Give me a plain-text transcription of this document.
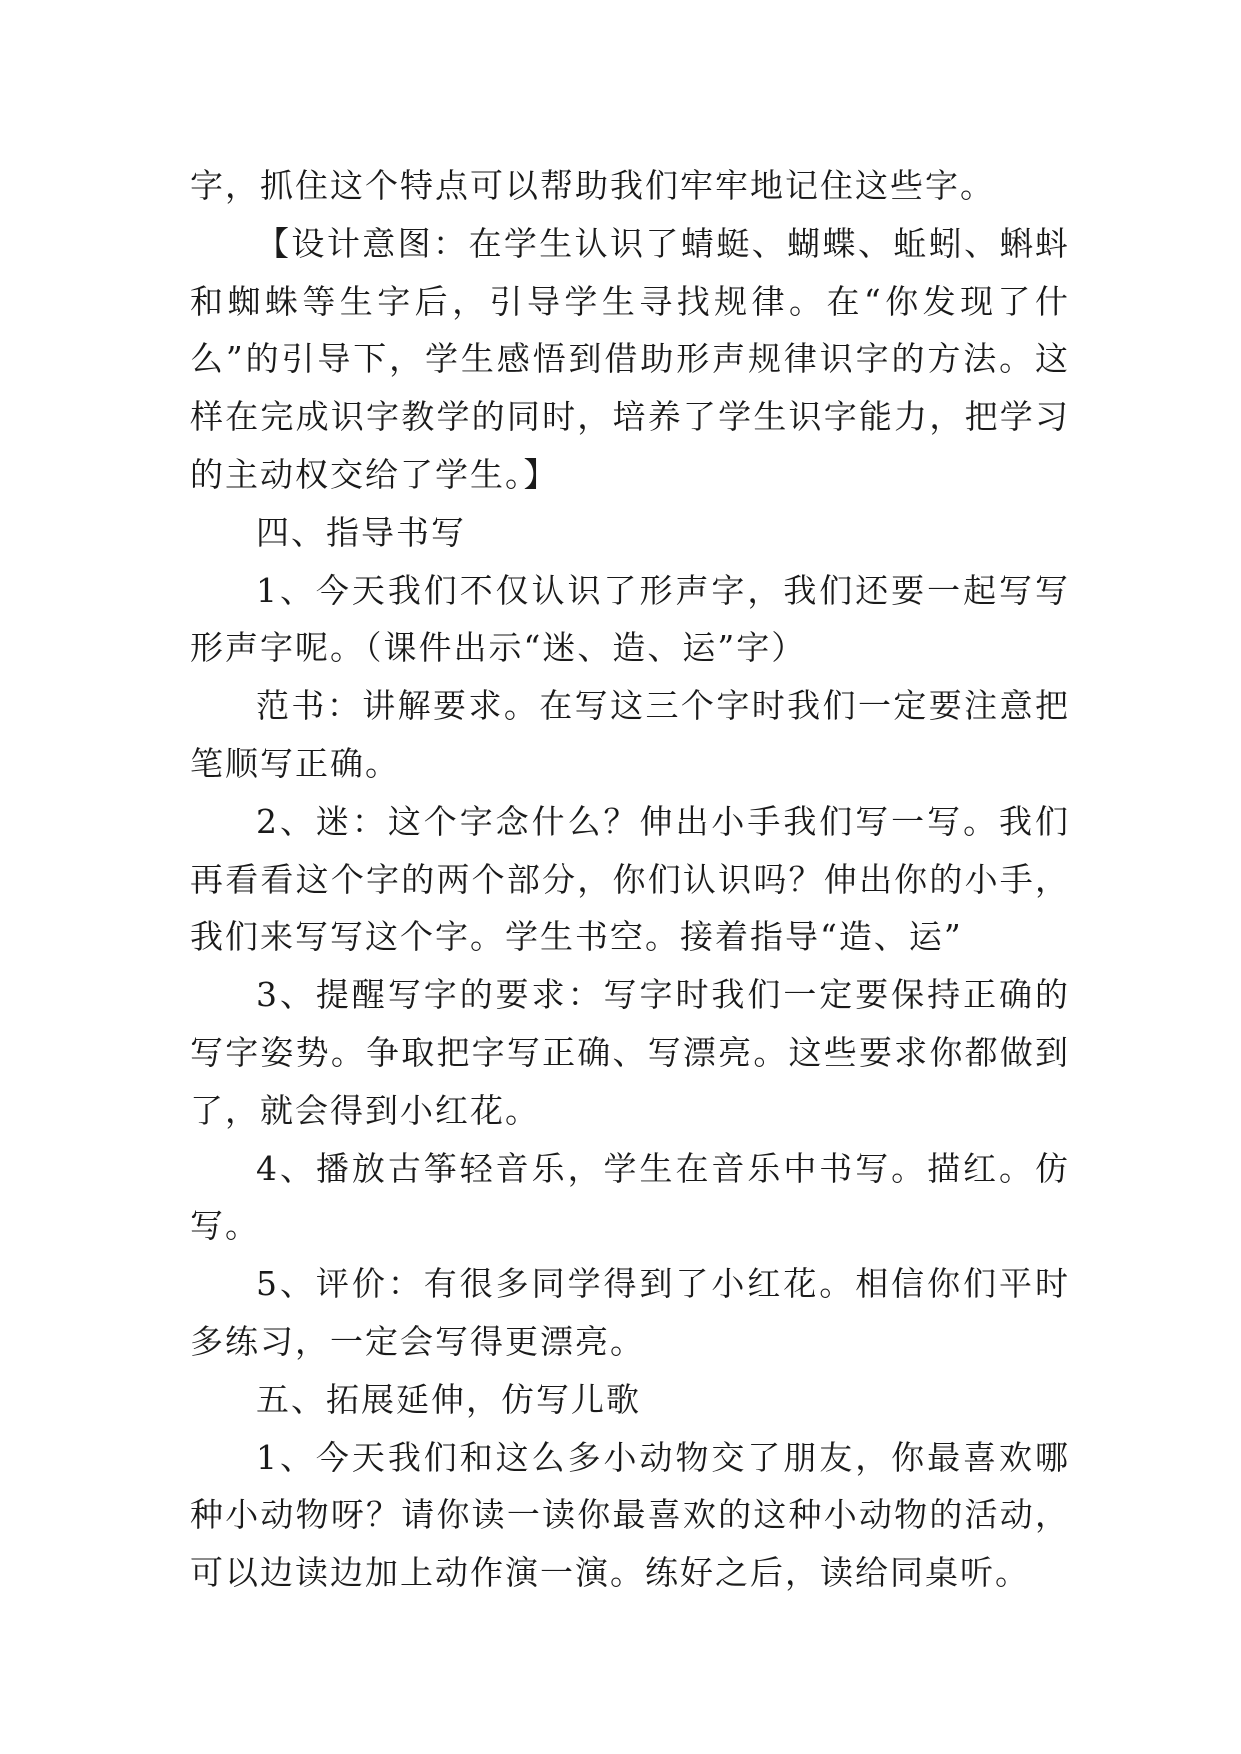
字，抓住这个特点可以帮助我们牢牢地记住这些字。

【设计意图：在学生认识了蜻蜓、蝴蝶、蚯蚓、蝌蚪和蜘蛛等生字后，引导学生寻找规律。在“你发现了什么”的引导下，学生感悟到借助形声规律识字的方法。这样在完成识字教学的同时，培养了学生识字能力，把学习的主动权交给了学生。】

四、指导书写

1、今天我们不仅认识了形声字，我们还要一起写写形声字呢。（课件出示“迷、造、运”字）

范书：讲解要求。在写这三个字时我们一定要注意把笔顺写正确。

2、迷：这个字念什么？伸出小手我们写一写。我们再看看这个字的两个部分，你们认识吗？伸出你的小手，我们来写写这个字。学生书空。接着指导“造、运”

3、提醒写字的要求：写字时我们一定要保持正确的写字姿势。争取把字写正确、写漂亮。这些要求你都做到了，就会得到小红花。

4、播放古筝轻音乐，学生在音乐中书写。描红。仿写。

5、评价：有很多同学得到了小红花。相信你们平时多练习，一定会写得更漂亮。

五、拓展延伸，仿写儿歌

1、今天我们和这么多小动物交了朋友，你最喜欢哪种小动物呀？请你读一读你最喜欢的这种小动物的活动，可以边读边加上动作演一演。练好之后，读给同桌听。
